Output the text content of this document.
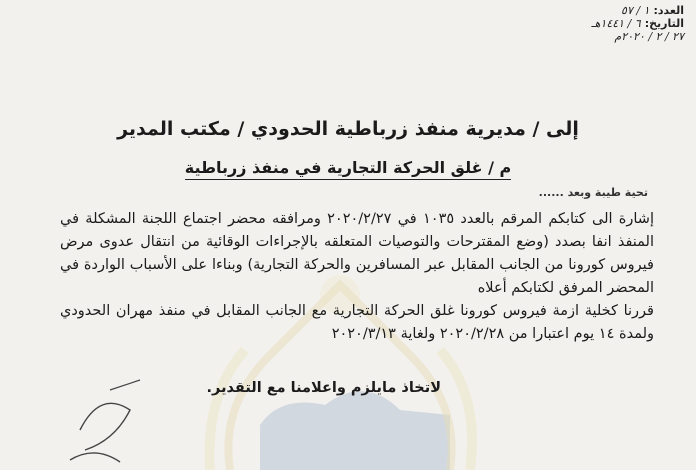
العدد:
١ / ٥٧
التاريخ:
٦ / ١٤٤١هـ
٢٧ / ٢ / ٢٠٢٠م
إلى / مديرية منفذ زرباطية الحدودي / مكتب المدير
م / غلق الحركة التجارية في منفذ زرباطية
تحية طيبة وبعد ......

إشارة الى كتابكم المرقم بالعدد ١٠٣٥ في ٢٠٢٠/٢/٢٧ ومرافقه محضر اجتماع اللجنة المشكلة في المنفذ انفا بصدد (وضع المقترحات والتوصيات المتعلقه بالإجراءات الوقائية من انتقال عدوى مرض فيروس كورونا من الجانب المقابل عبر المسافرين والحركة التجارية) وبناءا على الأسباب الواردة في المحضر المرفق لكتابكم أعلاه

قررنا كخلية ازمة فيروس كورونا غلق الحركة التجارية مع الجانب المقابل في منفذ مهران الحدودي ولمدة ١٤ يوم اعتبارا من ٢٠٢٠/٢/٢٨ ولغاية ٢٠٢٠/٣/١٣

لاتخاذ مايلزم واعلامنا مع التقدير.
